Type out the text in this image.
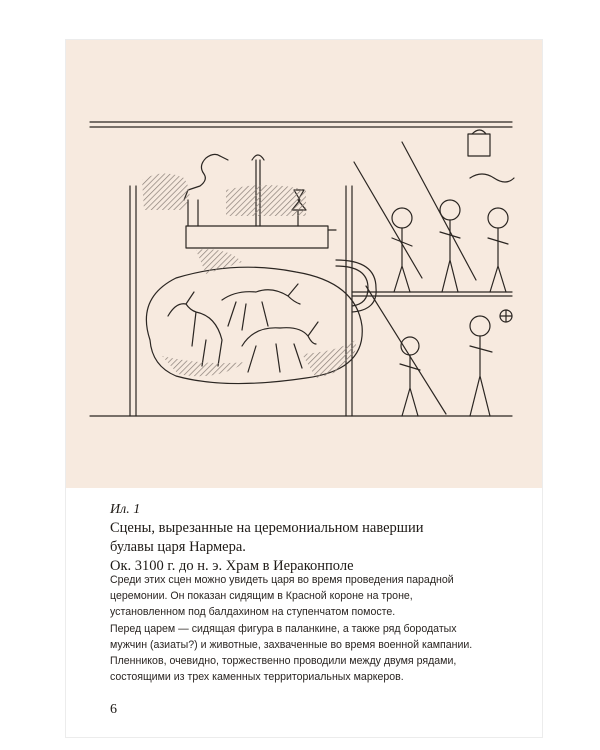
Ил. 1
Сцены, вырезанные на церемониальном навершии
булавы царя Нармера.
Ок. 3100 г. до н. э. Храм в Иераконполе
Среди этих сцен можно увидеть царя во время проведения парадной
церемонии. Он показан сидящим в Красной короне на троне,
установленном под балдахином на ступенчатом помосте.
Перед царем — сидящая фигура в паланкине, а также ряд бородатых
мужчин (азиаты?) и животные, захваченные во время военной кампании.
Пленников, очевидно, торжественно проводили между двумя рядами,
состоящими из трех каменных территориальных маркеров.
6
